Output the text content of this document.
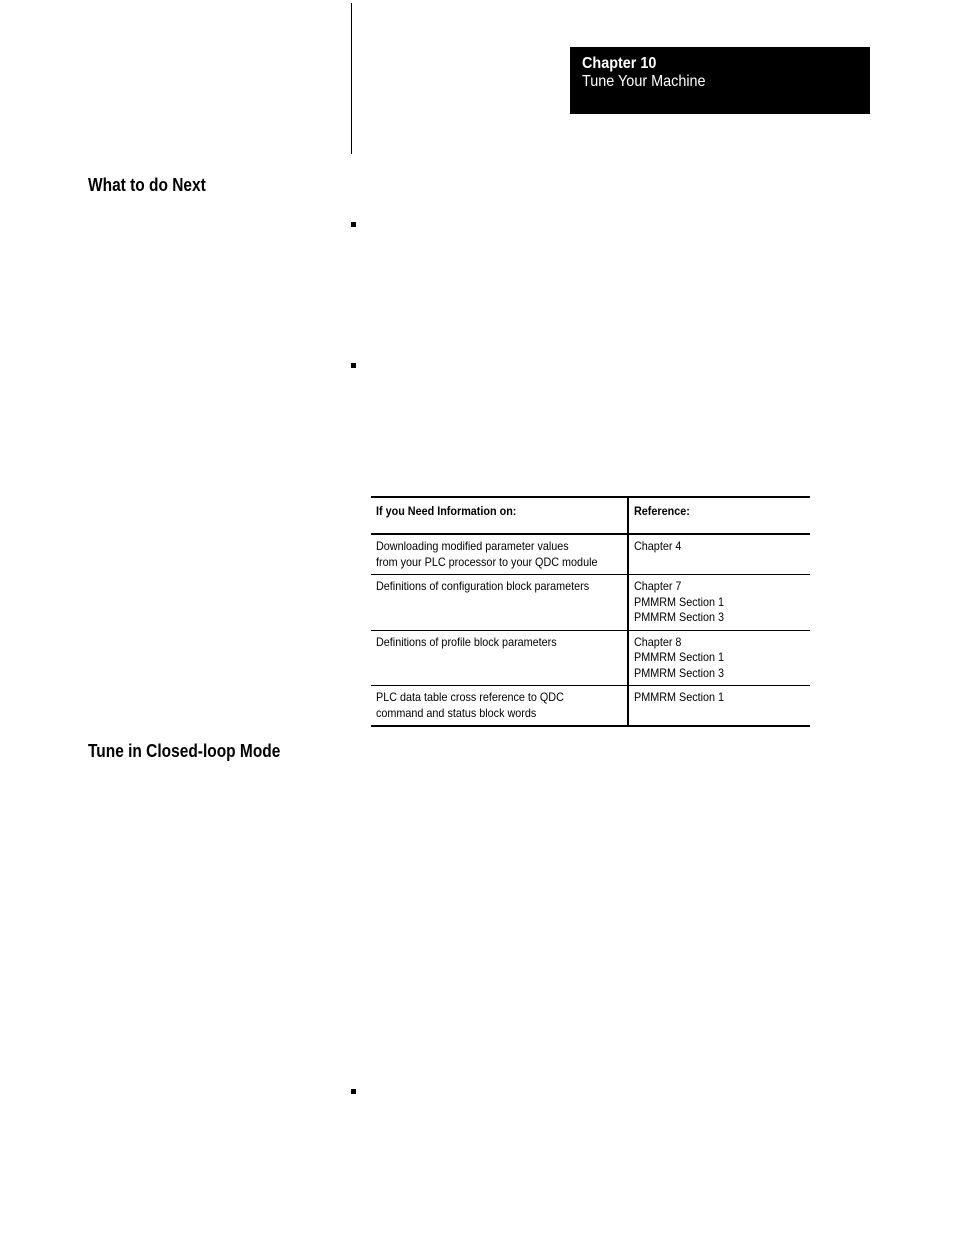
Chapter 10
Tune Your Machine
What to do Next
If you Need Information on:	Reference:

Downloading modified parameter values
from your PLC processor to your QDC module	Chapter 4

Definitions of configuration block parameters	Chapter 7
PMMRM Section 1
PMMRM Section 3

Definitions of profile block parameters	Chapter 8
PMMRM Section 1
PMMRM Section 3

PLC data table cross reference to QDC
command and status block words	PMMRM Section 1
Tune in Closed-loop Mode
